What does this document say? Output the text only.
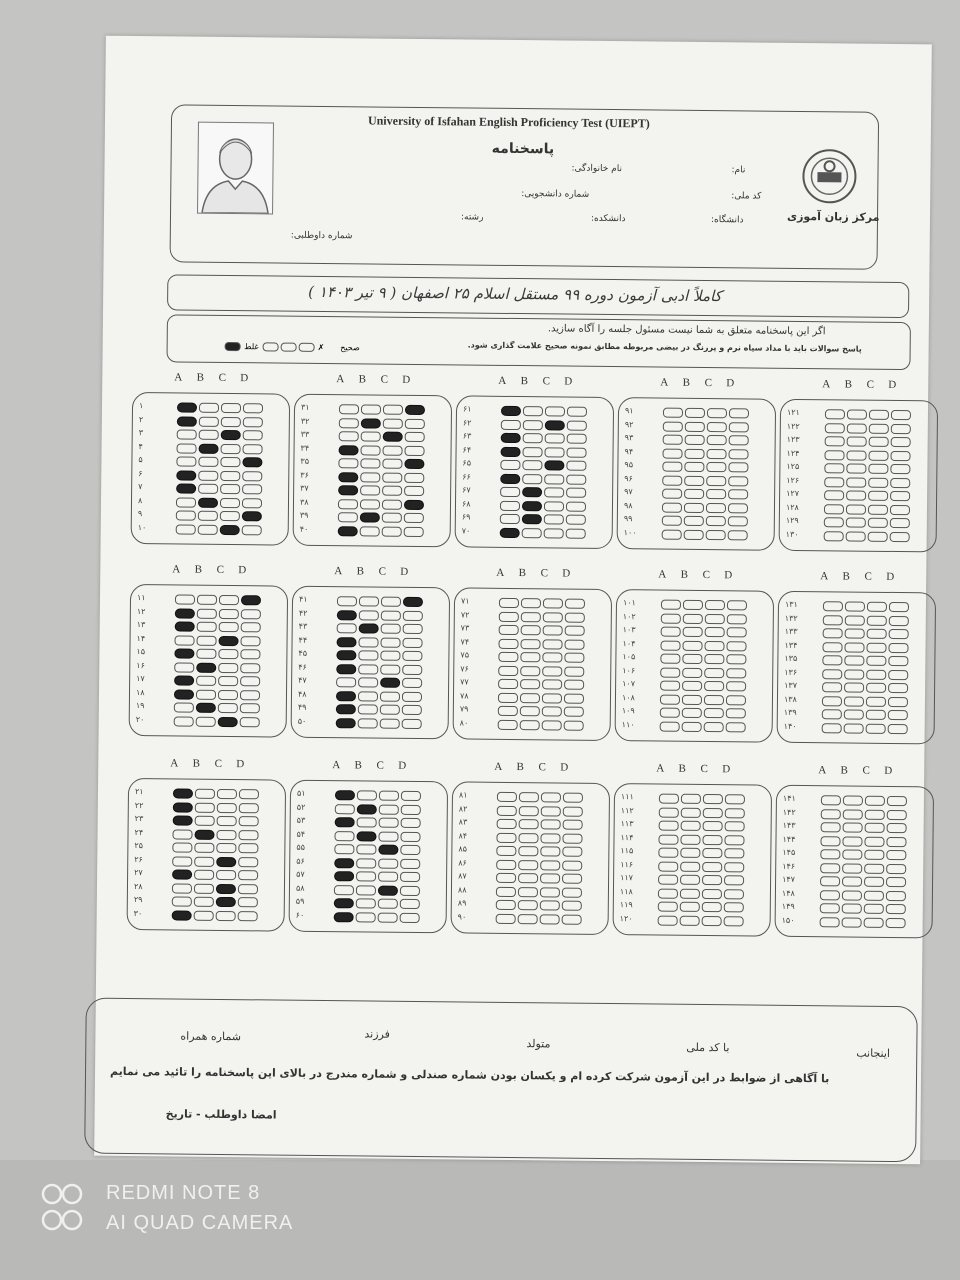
University of Isfahan English Proficiency Test (UIEPT)
پاسخنامه
نام:
نام خانوادگی:
کد ملی:
شماره دانشجویی:
دانشگاه:
دانشکده:
رشته:
شماره داوطلبی:
مرکز زبان آموزی
کاملاً ادبی آزمون دوره ۹۹ مستقل اسلام ۲۵ اصفهان ( ۹ تیر ۱۴۰۳ )
اگر این پاسخنامه متعلق به شما نیست مسئول جلسه را آگاه سازید.
پاسخ سوالات باید با مداد سیاه نرم و پررنگ در بیضی مربوطه مطابق نمونه صحیح علامت گذاری شود.
صحیح ✗  غلط
A B C D
۱
۲
۳
۴
۵
۶
۷
۸
۹
۱۰
A B C D
۳۱
۳۲
۳۳
۳۴
۳۵
۳۶
۳۷
۳۸
۳۹
۴۰
A B C D
۶۱
۶۲
۶۳
۶۴
۶۵
۶۶
۶۷
۶۸
۶۹
۷۰
A B C D
۹۱
۹۲
۹۳
۹۴
۹۵
۹۶
۹۷
۹۸
۹۹
۱۰۰
A B C D
۱۲۱
۱۲۲
۱۲۳
۱۲۴
۱۲۵
۱۲۶
۱۲۷
۱۲۸
۱۲۹
۱۳۰
A B C D
۱۱
۱۲
۱۳
۱۴
۱۵
۱۶
۱۷
۱۸
۱۹
۲۰
A B C D
۴۱
۴۲
۴۳
۴۴
۴۵
۴۶
۴۷
۴۸
۴۹
۵۰
A B C D
۷۱
۷۲
۷۳
۷۴
۷۵
۷۶
۷۷
۷۸
۷۹
۸۰
A B C D
۱۰۱
۱۰۲
۱۰۳
۱۰۴
۱۰۵
۱۰۶
۱۰۷
۱۰۸
۱۰۹
۱۱۰
A B C D
۱۳۱
۱۳۲
۱۳۳
۱۳۴
۱۳۵
۱۳۶
۱۳۷
۱۳۸
۱۳۹
۱۴۰
A B C D
۲۱
۲۲
۲۳
۲۴
۲۵
۲۶
۲۷
۲۸
۲۹
۳۰
A B C D
۵۱
۵۲
۵۳
۵۴
۵۵
۵۶
۵۷
۵۸
۵۹
۶۰
A B C D
۸۱
۸۲
۸۳
۸۴
۸۵
۸۶
۸۷
۸۸
۸۹
۹۰
A B C D
۱۱۱
۱۱۲
۱۱۳
۱۱۴
۱۱۵
۱۱۶
۱۱۷
۱۱۸
۱۱۹
۱۲۰
A B C D
۱۴۱
۱۴۲
۱۴۳
۱۴۴
۱۴۵
۱۴۶
۱۴۷
۱۴۸
۱۴۹
۱۵۰
اینجانب
با کد ملی
متولد
فرزند
شماره همراه
با آگاهی از ضوابط در این آزمون شرکت کرده ام و یکسان بودن شماره صندلی و شماره مندرج در بالای این پاسخنامه را تائید می نمایم
امضا داوطلب - تاریخ
REDMI NOTE 8
AI QUAD CAMERA
